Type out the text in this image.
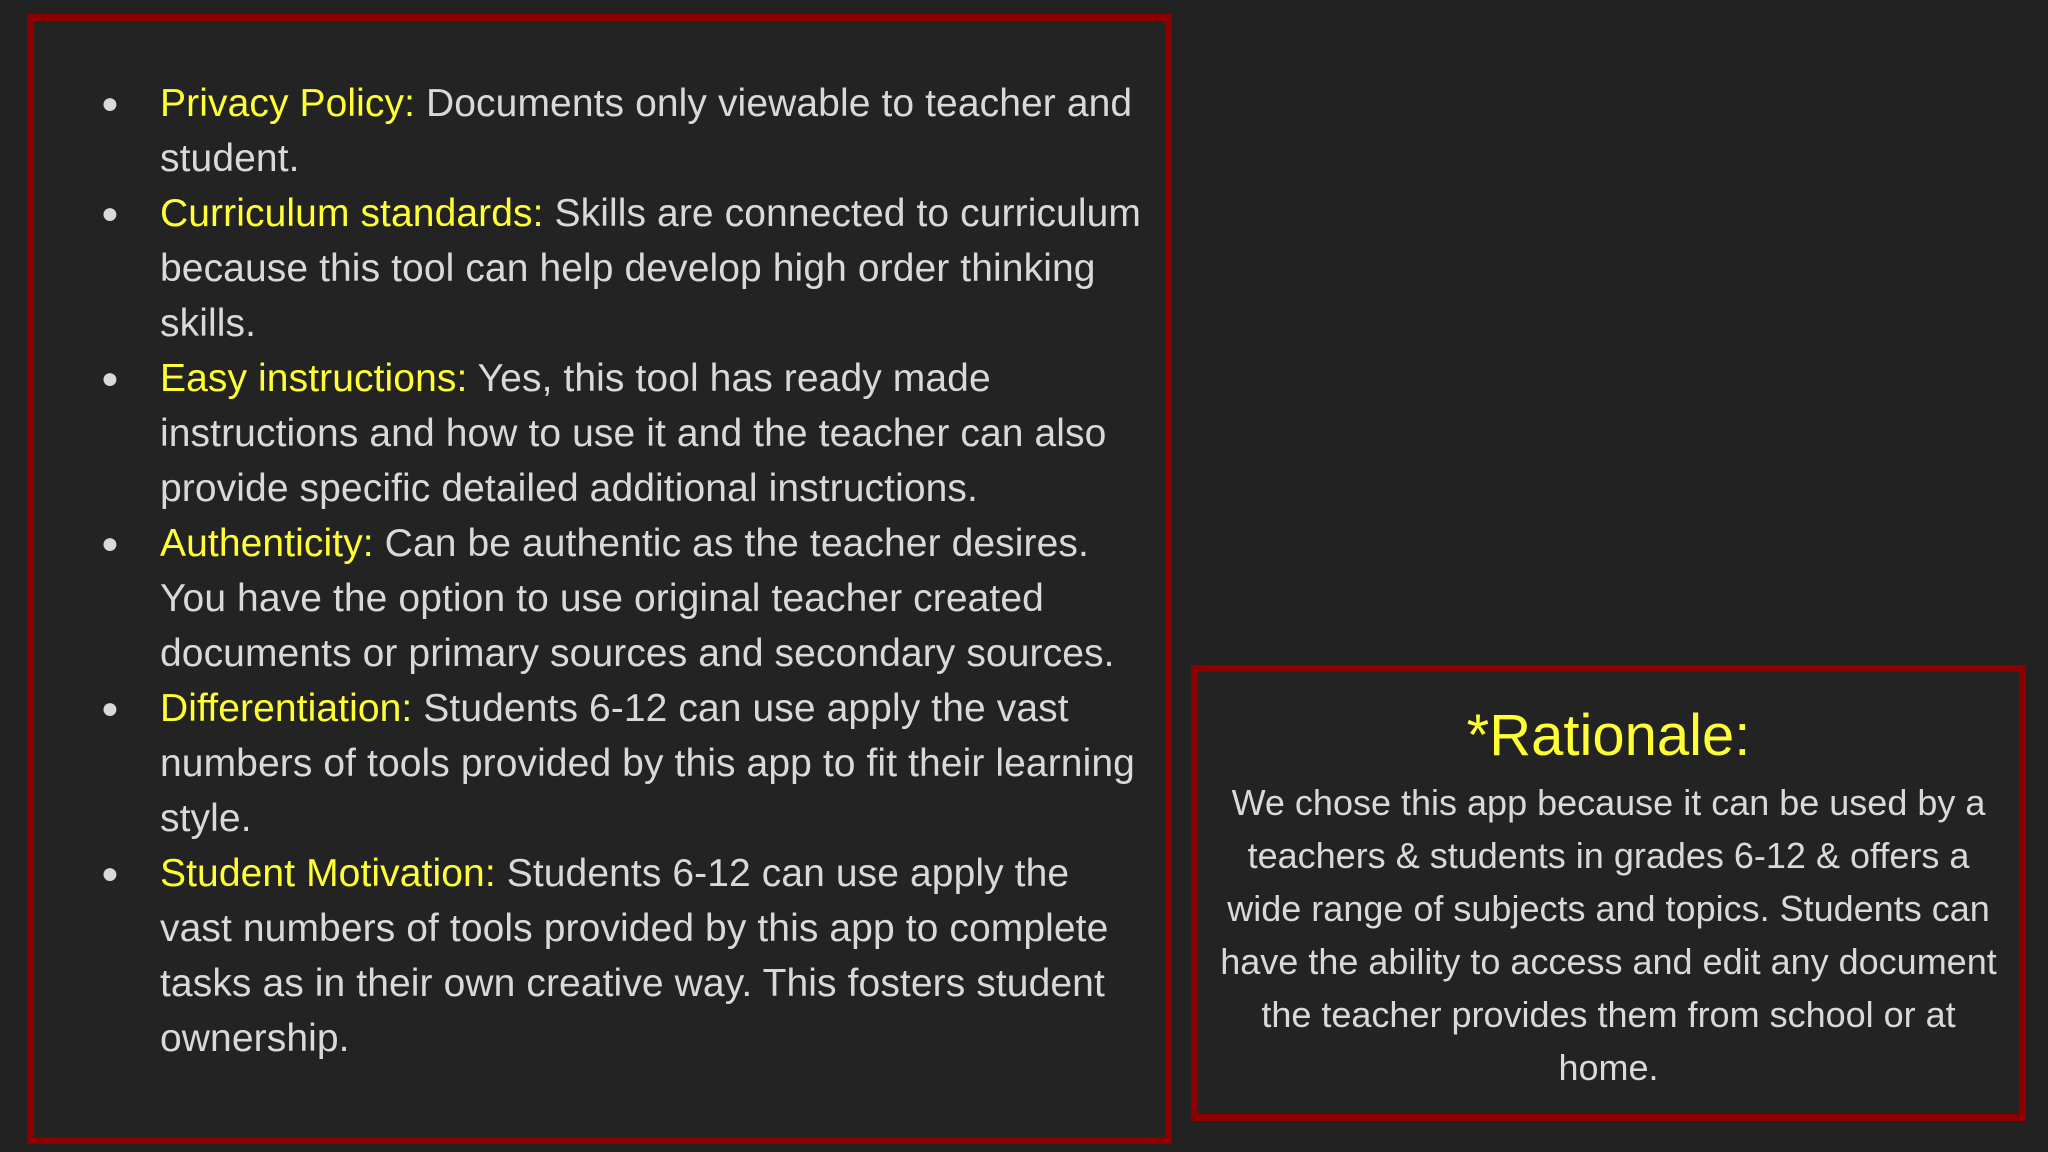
● Privacy Policy: Documents only viewable to teacher and student.
● Curriculum standards: Skills are connected to curriculum because this tool can help develop high order thinking skills.
● Easy instructions: Yes, this tool has ready made instructions and how to use it and the teacher can also provide specific detailed additional instructions.
● Authenticity: Can be authentic as the teacher desires. You have the option to use original teacher created documents or primary sources and secondary sources.
● Differentiation: Students 6-12 can use apply the vast numbers of tools provided by this app to fit their learning style.
● Student Motivation: Students 6-12 can use apply the vast numbers of tools provided by this app to complete tasks as in their own creative way. This fosters student ownership.
*Rationale:
We chose this app because it can be used by a teachers & students in grades 6-12 & offers a wide range of subjects and topics. Students can have the ability to access and edit any document the teacher provides them from school or at home.
